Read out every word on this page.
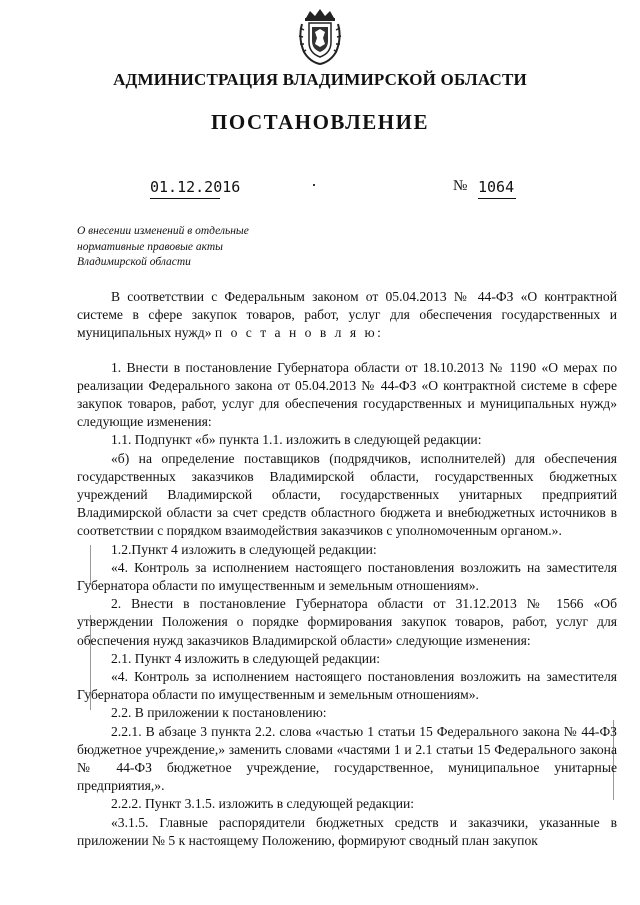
АДМИНИСТРАЦИЯ ВЛАДИМИРСКОЙ ОБЛАСТИ
ПОСТАНОВЛЕНИЕ
01.12.2016	№ 1064
О внесении изменений в отдельные
нормативные правовые акты
Владимирской области

В соответствии с Федеральным законом от 05.04.2013 № 44-ФЗ «О контрактной системе в сфере закупок товаров, работ, услуг для обеспечения государственных и муниципальных нужд» п о с т а н о в л я ю:

1. Внести в постановление Губернатора области от 18.10.2013 № 1190 «О мерах по реализации Федерального закона от 05.04.2013 № 44-ФЗ «О контрактной системе в сфере закупок товаров, работ, услуг для обеспечения государственных и муниципальных нужд» следующие изменения:

1.1. Подпункт «б» пункта 1.1. изложить в следующей редакции:

«б) на определение поставщиков (подрядчиков, исполнителей) для обеспечения государственных заказчиков Владимирской области, государственных бюджетных учреждений Владимирской области, государственных унитарных предприятий Владимирской области за счет средств областного бюджета и внебюджетных источников в соответствии с порядком взаимодействия заказчиков с уполномоченным органом.».

1.2.Пункт 4 изложить в следующей редакции:

«4. Контроль за исполнением настоящего постановления возложить на заместителя Губернатора области по имущественным и земельным отношениям».

2. Внести в постановление Губернатора области от 31.12.2013 № 1566 «Об утверждении Положения о порядке формирования закупок товаров, работ, услуг для обеспечения нужд заказчиков Владимирской области» следующие изменения:

2.1. Пункт 4 изложить в следующей редакции:

«4. Контроль за исполнением настоящего постановления возложить на заместителя Губернатора области по имущественным и земельным отношениям».

2.2. В приложении к постановлению:

2.2.1. В абзаце 3 пункта 2.2. слова «частью 1 статьи 15 Федерального закона № 44-ФЗ бюджетное учреждение,» заменить словами «частями 1 и 2.1 статьи 15 Федерального закона № 44-ФЗ бюджетное учреждение, государственное, муниципальное унитарные предприятия,».

2.2.2. Пункт 3.1.5. изложить в следующей редакции:

«3.1.5. Главные распорядители бюджетных средств и заказчики, указанные в приложении № 5 к настоящему Положению, формируют сводный план закупок
